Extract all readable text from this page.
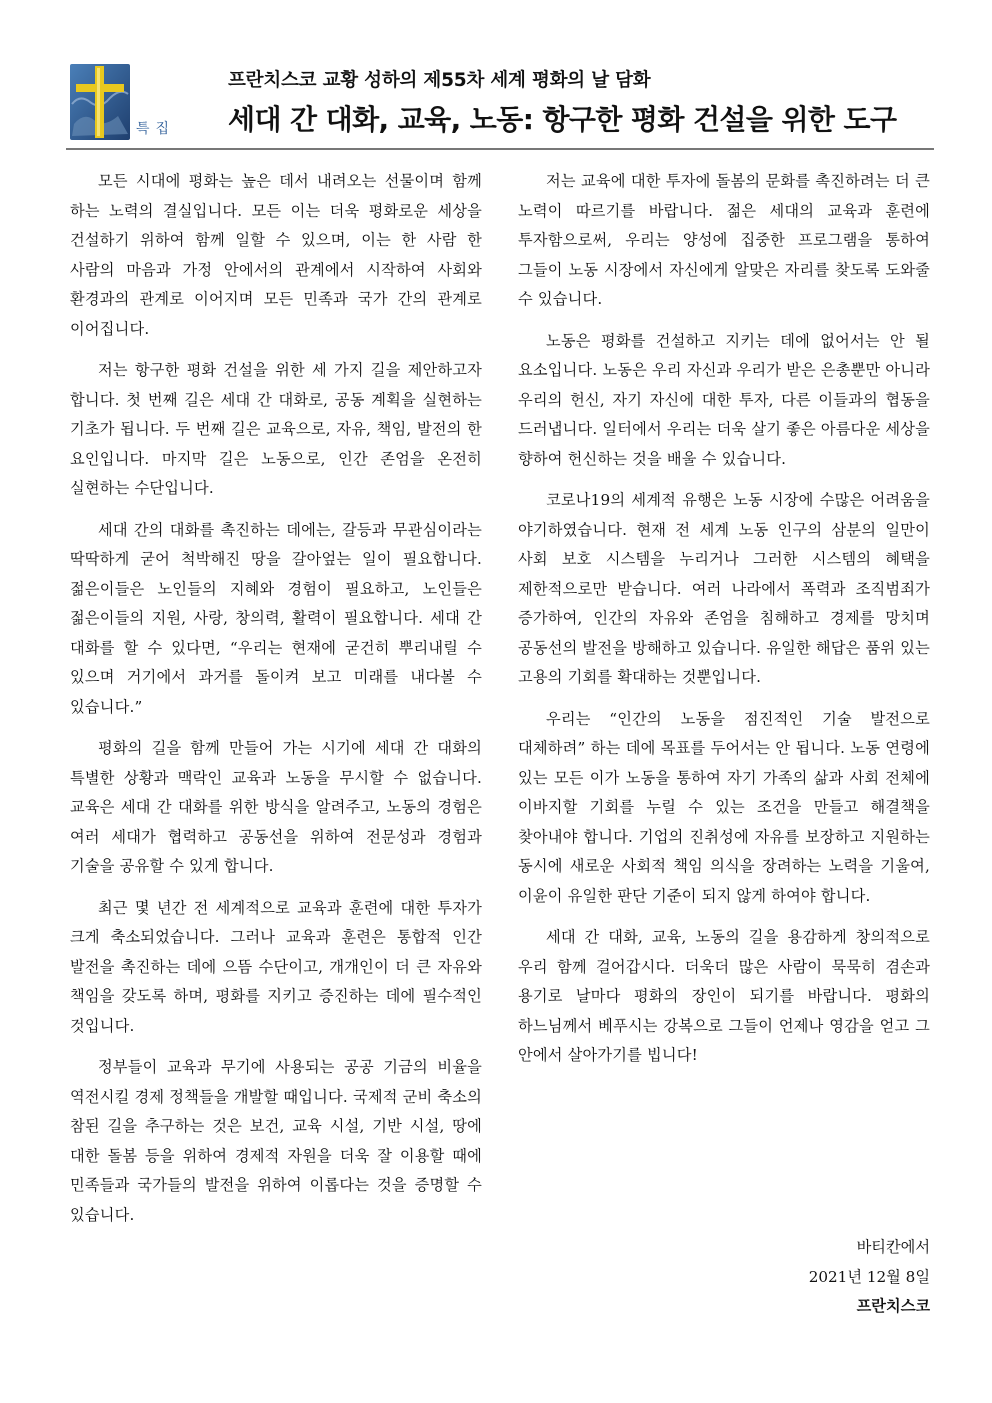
특집
프란치스코 교황 성하의 제55차 세계 평화의 날 담화
세대 간 대화, 교육, 노동: 항구한 평화 건설을 위한 도구

모든 시대에 평화는 높은 데서 내려오는 선물이며 함께 하는 노력의 결실입니다. 모든 이는 더욱 평화로운 세상을 건설하기 위하여 함께 일할 수 있으며, 이는 한 사람 한 사람의 마음과 가정 안에서의 관계에서 시작하여 사회와 환경과의 관계로 이어지며 모든 민족과 국가 간의 관계로 이어집니다.

저는 항구한 평화 건설을 위한 세 가지 길을 제안하고자 합니다. 첫 번째 길은 세대 간 대화로, 공동 계획을 실현하는 기초가 됩니다. 두 번째 길은 교육으로, 자유, 책임, 발전의 한 요인입니다. 마지막 길은 노동으로, 인간 존엄을 온전히 실현하는 수단입니다.

세대 간의 대화를 촉진하는 데에는, 갈등과 무관심이라는 딱딱하게 굳어 척박해진 땅을 갈아엎는 일이 필요합니다. 젊은이들은 노인들의 지혜와 경험이 필요하고, 노인들은 젊은이들의 지원, 사랑, 창의력, 활력이 필요합니다. 세대 간 대화를 할 수 있다면, “우리는 현재에 굳건히 뿌리내릴 수 있으며 거기에서 과거를 돌이켜 보고 미래를 내다볼 수 있습니다.”

평화의 길을 함께 만들어 가는 시기에 세대 간 대화의 특별한 상황과 맥락인 교육과 노동을 무시할 수 없습니다. 교육은 세대 간 대화를 위한 방식을 알려주고, 노동의 경험은 여러 세대가 협력하고 공동선을 위하여 전문성과 경험과 기술을 공유할 수 있게 합니다.

최근 몇 년간 전 세계적으로 교육과 훈련에 대한 투자가 크게 축소되었습니다. 그러나 교육과 훈련은 통합적 인간 발전을 촉진하는 데에 으뜸 수단이고, 개개인이 더 큰 자유와 책임을 갖도록 하며, 평화를 지키고 증진하는 데에 필수적인 것입니다.

정부들이 교육과 무기에 사용되는 공공 기금의 비율을 역전시킬 경제 정책들을 개발할 때입니다. 국제적 군비 축소의 참된 길을 추구하는 것은 보건, 교육 시설, 기반 시설, 땅에 대한 돌봄 등을 위하여 경제적 자원을 더욱 잘 이용할 때에 민족들과 국가들의 발전을 위하여 이롭다는 것을 증명할 수 있습니다.

저는 교육에 대한 투자에 돌봄의 문화를 촉진하려는 더 큰 노력이 따르기를 바랍니다. 젊은 세대의 교육과 훈련에 투자함으로써, 우리는 양성에 집중한 프로그램을 통하여 그들이 노동 시장에서 자신에게 알맞은 자리를 찾도록 도와줄 수 있습니다.

노동은 평화를 건설하고 지키는 데에 없어서는 안 될 요소입니다. 노동은 우리 자신과 우리가 받은 은총뿐만 아니라 우리의 헌신, 자기 자신에 대한 투자, 다른 이들과의 협동을 드러냅니다. 일터에서 우리는 더욱 살기 좋은 아름다운 세상을 향하여 헌신하는 것을 배울 수 있습니다.

코로나19의 세계적 유행은 노동 시장에 수많은 어려움을 야기하였습니다. 현재 전 세계 노동 인구의 삼분의 일만이 사회 보호 시스템을 누리거나 그러한 시스템의 혜택을 제한적으로만 받습니다. 여러 나라에서 폭력과 조직범죄가 증가하여, 인간의 자유와 존엄을 침해하고 경제를 망치며 공동선의 발전을 방해하고 있습니다. 유일한 해답은 품위 있는 고용의 기회를 확대하는 것뿐입니다.

우리는 “인간의 노동을 점진적인 기술 발전으로 대체하려” 하는 데에 목표를 두어서는 안 됩니다. 노동 연령에 있는 모든 이가 노동을 통하여 자기 가족의 삶과 사회 전체에 이바지할 기회를 누릴 수 있는 조건을 만들고 해결책을 찾아내야 합니다. 기업의 진취성에 자유를 보장하고 지원하는 동시에 새로운 사회적 책임 의식을 장려하는 노력을 기울여, 이윤이 유일한 판단 기준이 되지 않게 하여야 합니다.

세대 간 대화, 교육, 노동의 길을 용감하게 창의적으로 우리 함께 걸어갑시다. 더욱더 많은 사람이 묵묵히 겸손과 용기로 날마다 평화의 장인이 되기를 바랍니다. 평화의 하느님께서 베푸시는 강복으로 그들이 언제나 영감을 얻고 그 안에서 살아가기를 빕니다!

바티칸에서
2021년 12월 8일
프란치스코
